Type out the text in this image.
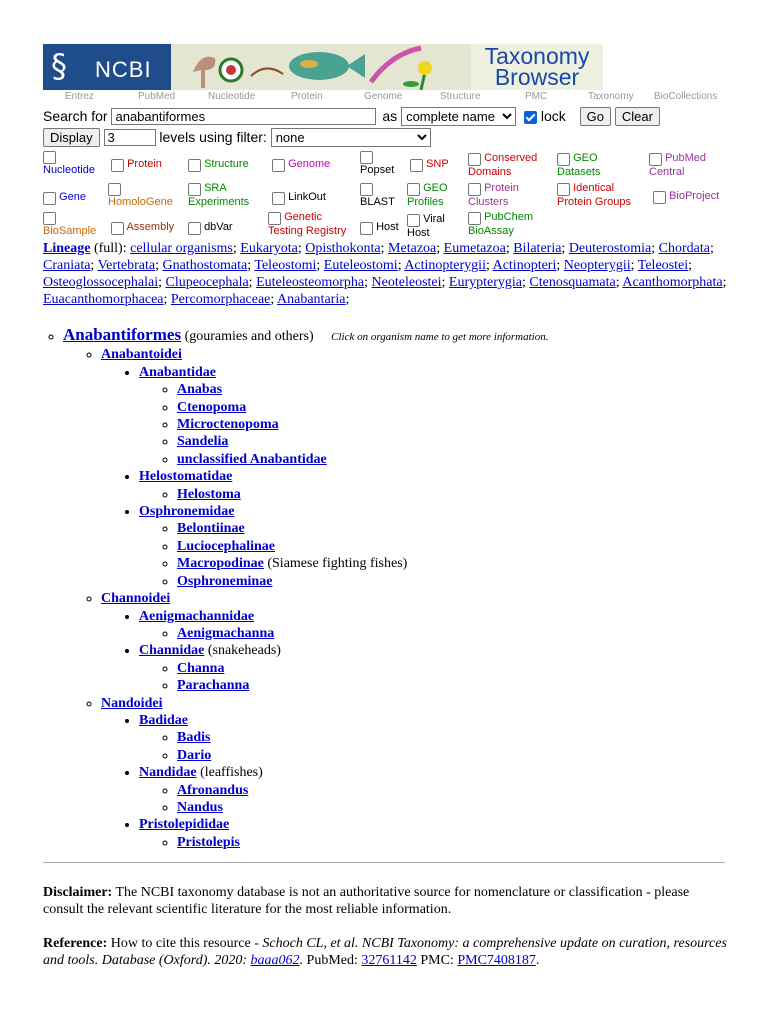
§ NCBI
Taxonomy
Browser
Entrez	PubMed	Nucleotide	Protein	Genome	Structure	PMC	Taxonomy BioCollections
Search for anabantiformes	as
complete name	lock Go Clear
Display 3	levels using filter:
none

Nucleotide	Protein	Structure	Genome	Popset	SNP	Conserved
Domains
GEO
Datasets
PubMed
Central
Gene HomoloGene
SRA
Experiments	LinkOut	BLAST
GEO
Profiles
Protein
Clusters
Identical
Protein Groups	BioProject

BioSample	Assembly	dbVar
Genetic
Testing Registry	Host
Viral
Host
PubChem
BioAssay
Lineage (full): cellular organisms; Eukaryota; Opisthokonta; Metazoa; Eumetazoa; Bilateria; Deuterostomia; Chordata; Craniata; Vertebrata; Gnathostomata; Teleostomi; Euteleostomi; Actinopterygii; Actinopteri; Neopterygii; Teleostei; Osteoglossocephalai; Clupeocephala; Euteleosteomorpha; Neoteleostei; Eurypterygia; Ctenosquamata; Acanthomorphata; Euacanthomorphacea; Percomorphaceae; Anabantaria;
◦ Anabantiformes (gouramies and others) Click on organism name to get more information.
◦ Anabantoidei
• Anabantidae
◦ Anabas
◦ Ctenopoma
◦ Microctenopoma
◦ Sandelia
◦ unclassified Anabantidae
• Helostomatidae
◦ Helostoma
• Osphronemidae
◦ Belontiinae
◦ Luciocephalinae
◦ Macropodinae (Siamese fighting fishes)
◦ Osphroneminae
◦ Channoidei
• Aenigmachannidae
◦ Aenigmachanna
• Channidae (snakeheads)
◦ Channa
◦ Parachanna
◦ Nandoidei
• Badidae
◦ Badis
◦ Dario
• Nandidae (leaffishes)
◦ Afronandus
◦ Nandus
• Pristolepididae
◦ Pristolepis
Disclaimer: The NCBI taxonomy database is not an authoritative source for nomenclature or classification - please consult the relevant scientific literature for the most reliable information.
Reference: How to cite this resource - Schoch CL, et al. NCBI Taxonomy: a comprehensive update on curation, resources and tools. Database (Oxford). 2020: baaa062. PubMed: 32761142 PMC: PMC7408187.
